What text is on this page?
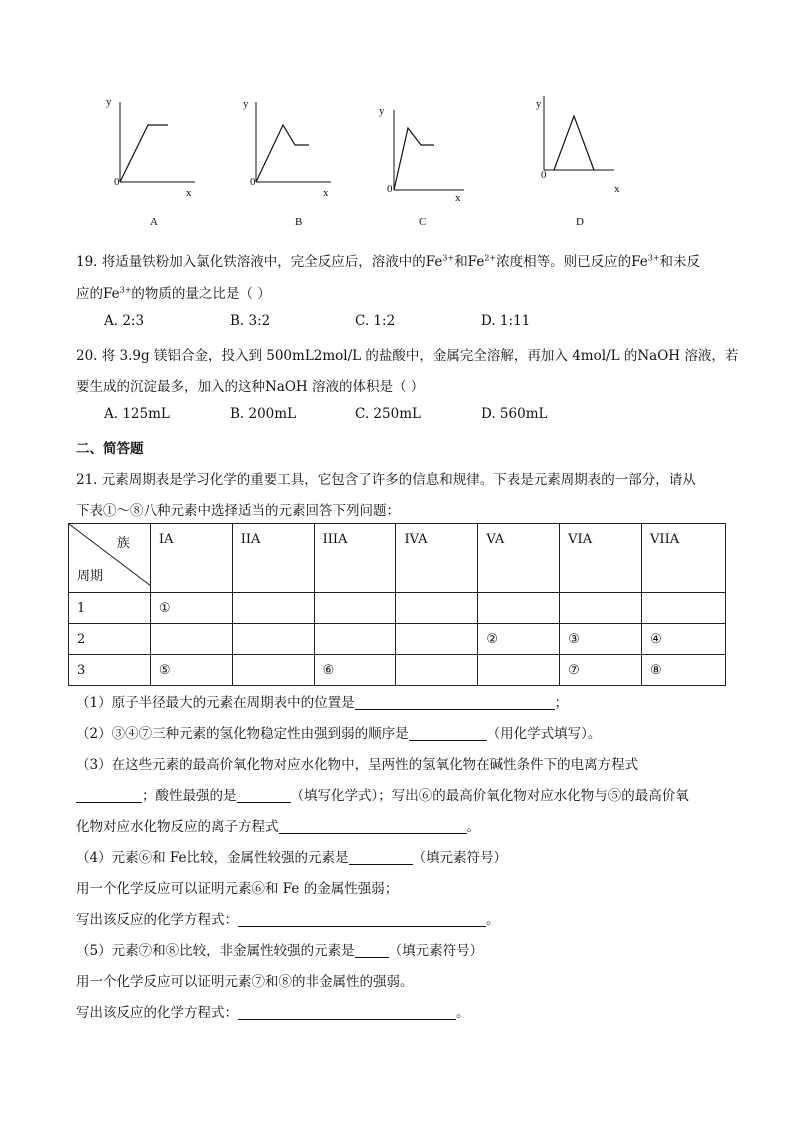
y
0
x
A
y
0
x
B
y
0
x
C
y
0
x
D
19. 将适量铁粉加入氯化铁溶液中，完全反应后，溶液中的$Fe^{3+}$和$Fe^{2+}$浓度相等。则已反应的$Fe^{3+}$和未反
应的$Fe^{3+}$的物质的量之比是（ ）
A. 2:3	B. 3:2	C. 1:2	D. 1:11
20. 将 3.9g 镁铝合金，投入到 500mL2mol/L 的盐酸中，金属完全溶解，再加入 4mol/L 的NaOH 溶液，若
要生成的沉淀最多，加入的这种NaOH 溶液的体积是（ ）
A. 125mL	B. 200mL	C. 250mL	D. 560mL
二、简答题
21. 元素周期表是学习化学的重要工具，它包含了许多的信息和规律。下表是元素周期表的一部分，请从
下表①～⑧八种元素中选择适当的元素回答下列问题：
族
周期	IA	IIA	IIIA	IVA	VA	VIA	VIIA
1	①						
2					②	③	④
3	⑤		⑥			⑦	⑧
（1）原子半径最大的元素在周期表中的位置是	；
（2）③④⑦三种元素的氢化物稳定性由强到弱的顺序是	（用化学式填写）。
（3）在这些元素的最高价氧化物对应水化物中，呈两性的氢氧化物在碱性条件下的电离方程式
；酸性最强的是	（填写化学式）；写出⑥的最高价氧化物对应水化物与⑤的最高价氧
化物对应水化物反应的离子方程式	。
（4）元素⑥和 Fe比较，金属性较强的元素是	（填元素符号）
用一个化学反应可以证明元素⑥和 Fe 的金属性强弱；
写出该反应的化学方程式：	。
（5）元素⑦和⑧比较，非金属性较强的元素是	（填元素符号）
用一个化学反应可以证明元素⑦和⑧的非金属性的强弱。
写出该反应的化学方程式：	。
